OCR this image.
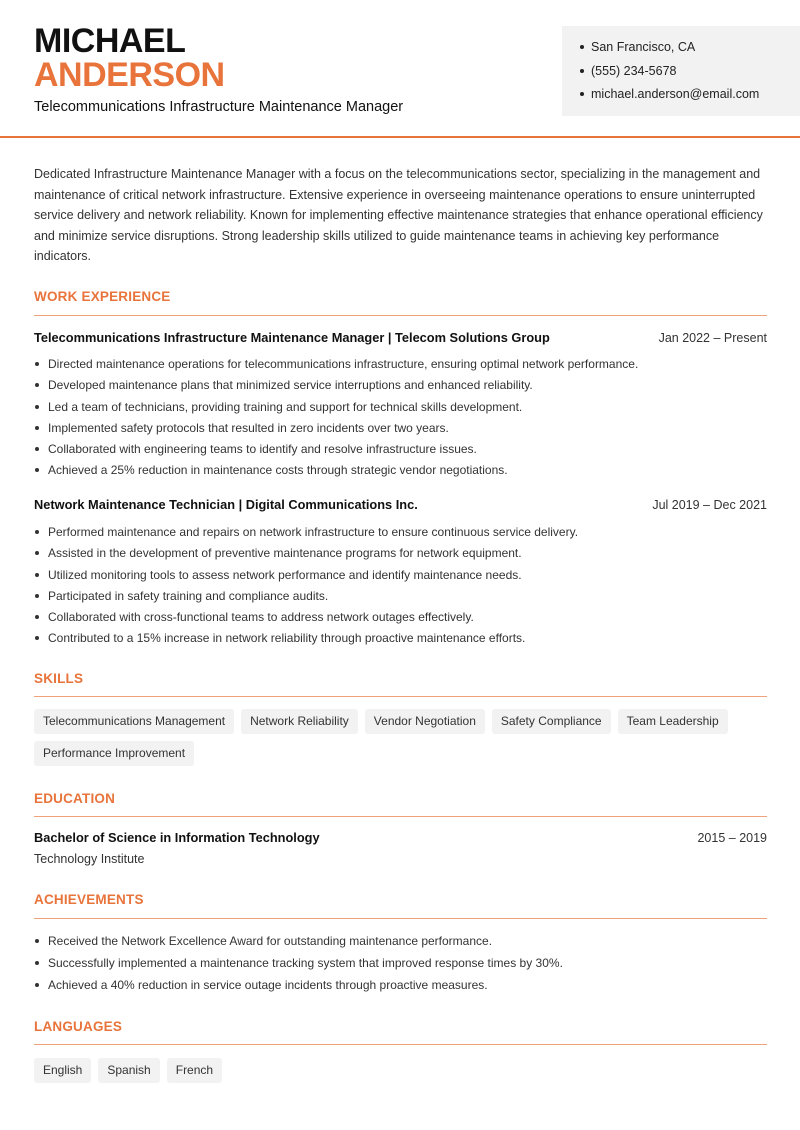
MICHAEL
ANDERSON
Telecommunications Infrastructure Maintenance Manager
San Francisco, CA
(555) 234-5678
michael.anderson@email.com

Dedicated Infrastructure Maintenance Manager with a focus on the telecommunications sector, specializing in the management and maintenance of critical network infrastructure. Extensive experience in overseeing maintenance operations to ensure uninterrupted service delivery and network reliability. Known for implementing effective maintenance strategies that enhance operational efficiency and minimize service disruptions. Strong leadership skills utilized to guide maintenance teams in achieving key performance indicators.

WORK EXPERIENCE
Telecommunications Infrastructure Maintenance Manager | Telecom Solutions Group	Jan 2022 – Present
Directed maintenance operations for telecommunications infrastructure, ensuring optimal network performance.
Developed maintenance plans that minimized service interruptions and enhanced reliability.
Led a team of technicians, providing training and support for technical skills development.
Implemented safety protocols that resulted in zero incidents over two years.
Collaborated with engineering teams to identify and resolve infrastructure issues.
Achieved a 25% reduction in maintenance costs through strategic vendor negotiations.
Network Maintenance Technician | Digital Communications Inc.	Jul 2019 – Dec 2021
Performed maintenance and repairs on network infrastructure to ensure continuous service delivery.
Assisted in the development of preventive maintenance programs for network equipment.
Utilized monitoring tools to assess network performance and identify maintenance needs.
Participated in safety training and compliance audits.
Collaborated with cross-functional teams to address network outages effectively.
Contributed to a 15% increase in network reliability through proactive maintenance efforts.
SKILLS
Telecommunications Management	Network Reliability	Vendor Negotiation	Safety Compliance	Team Leadership
Performance Improvement
EDUCATION
Bachelor of Science in Information Technology	2015 – 2019
Technology Institute
ACHIEVEMENTS
Received the Network Excellence Award for outstanding maintenance performance.
Successfully implemented a maintenance tracking system that improved response times by 30%.
Achieved a 40% reduction in service outage incidents through proactive measures.
LANGUAGES
English	Spanish	French
